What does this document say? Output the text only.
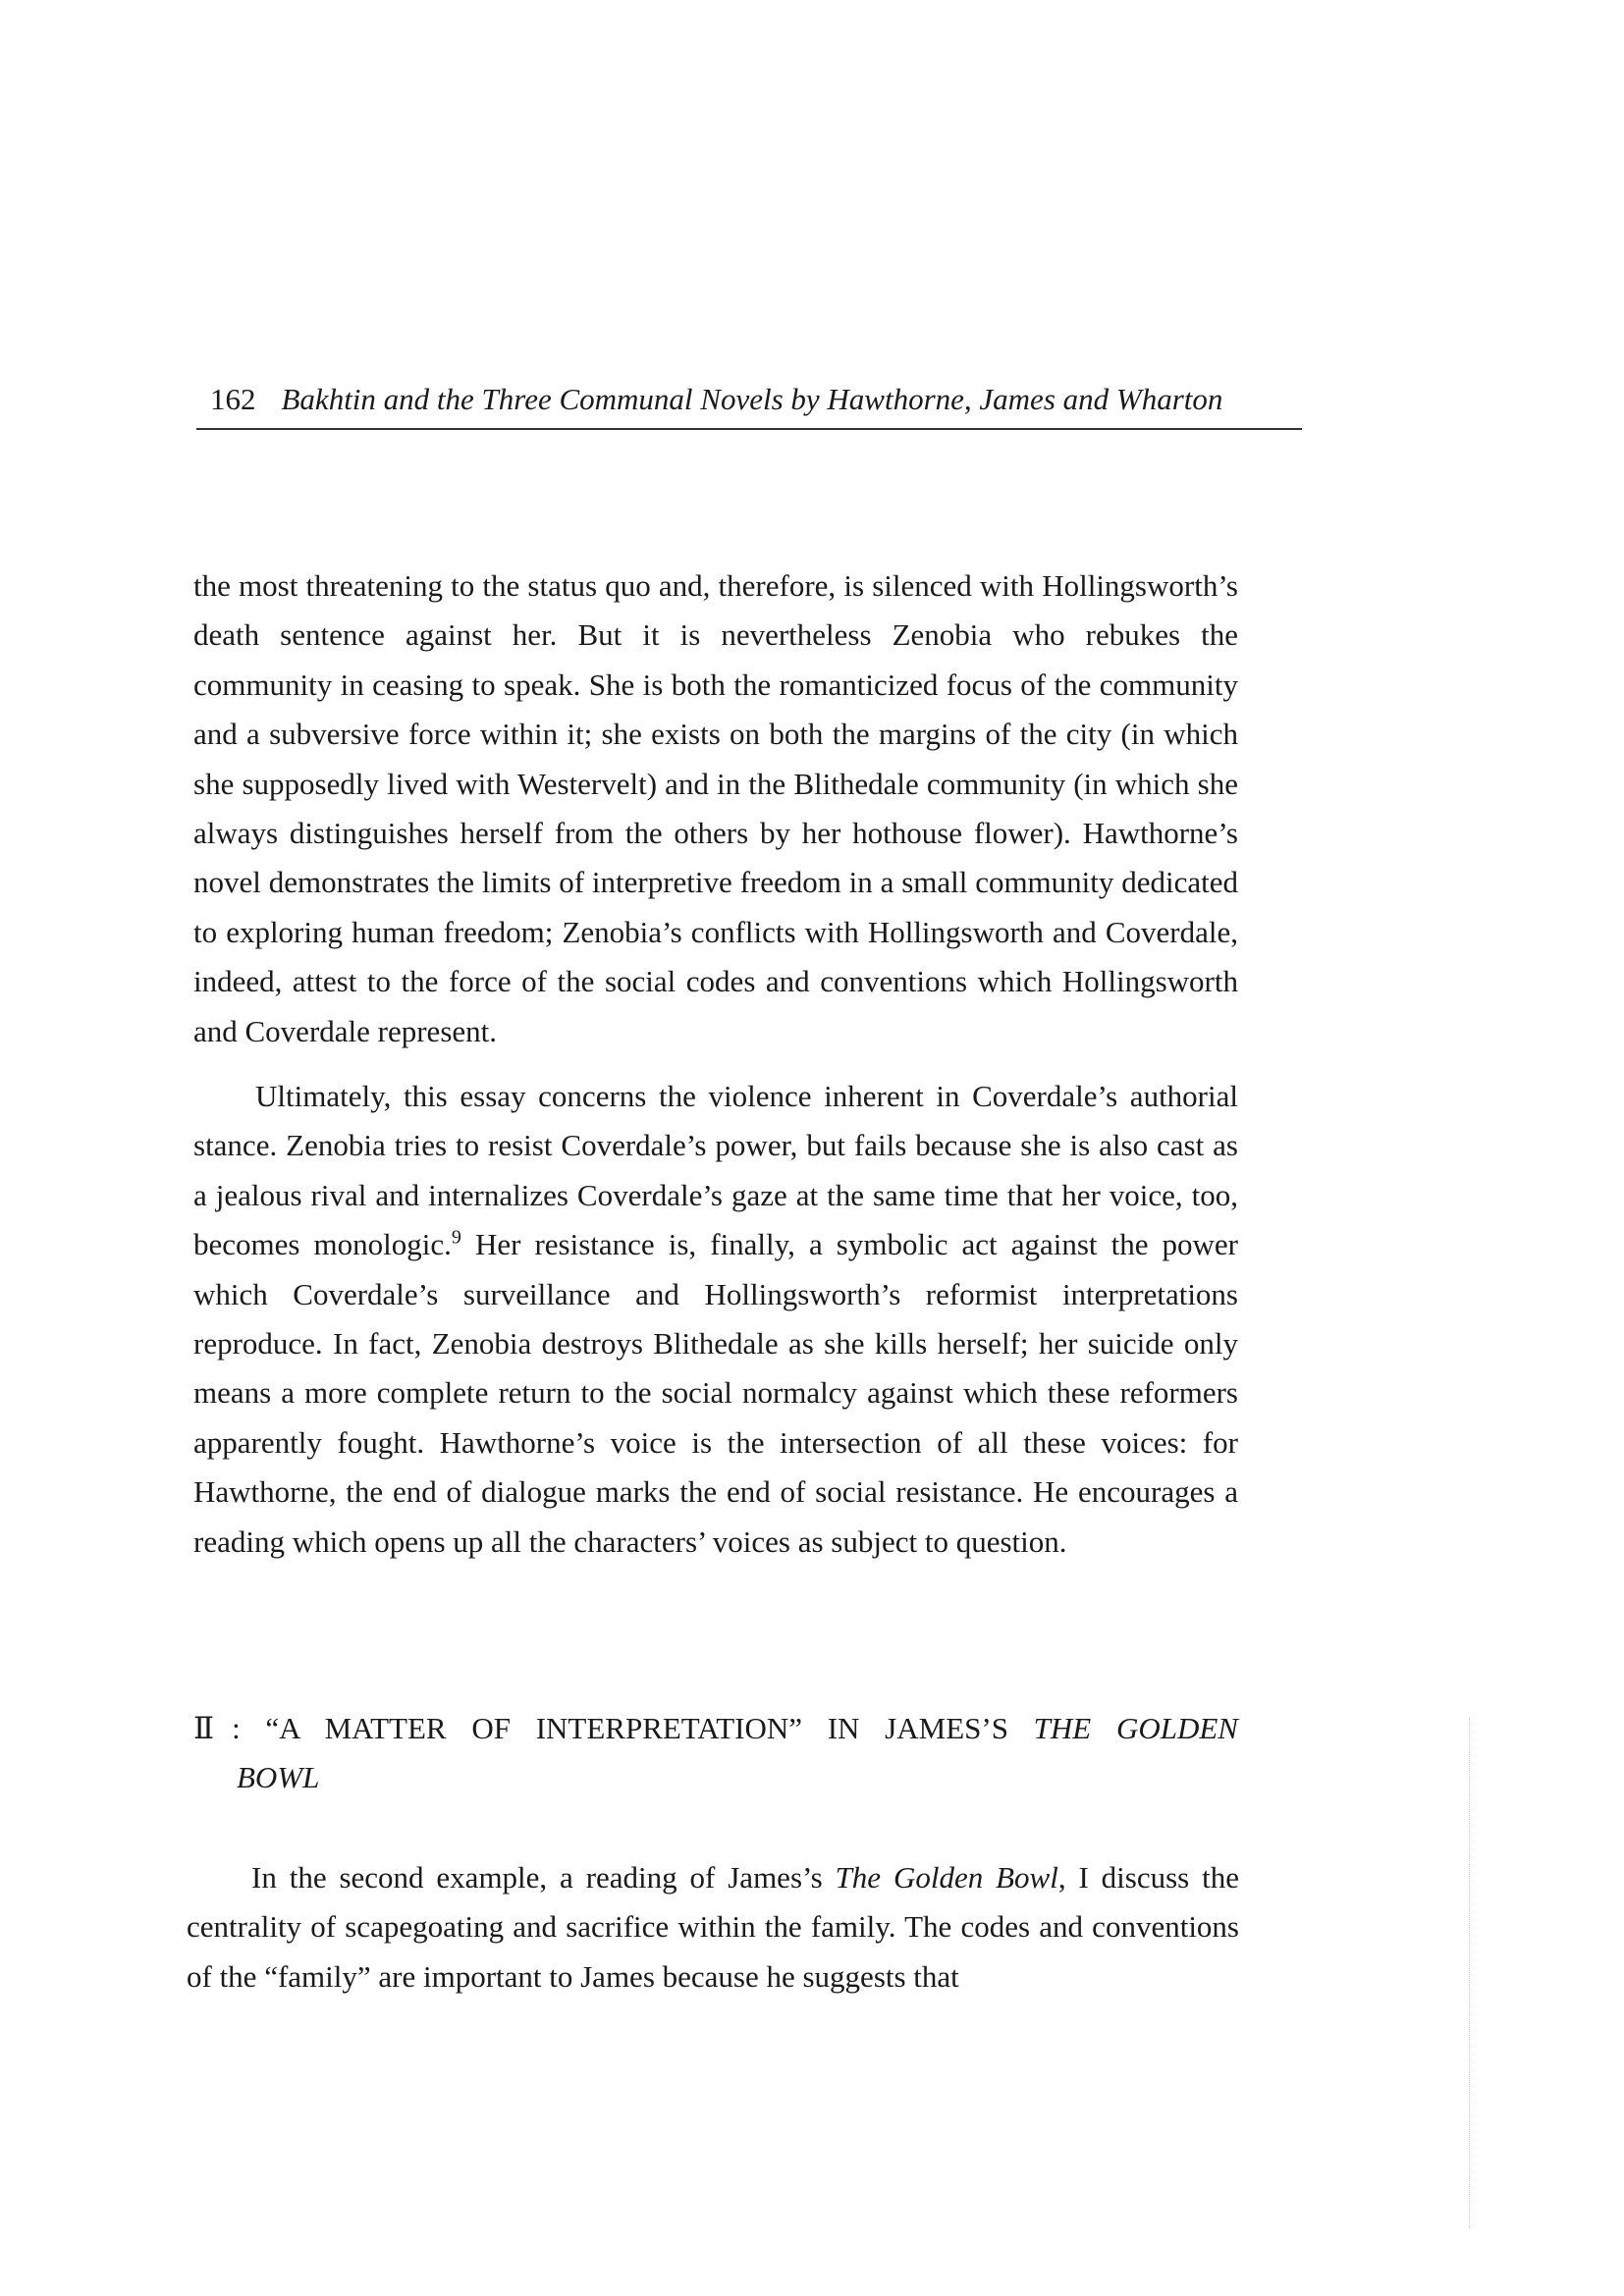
162 Bakhtin and the Three Communal Novels by Hawthorne, James and Wharton

the most threatening to the status quo and, therefore, is silenced with Hollingsworth’s death sentence against her. But it is nevertheless Zenobia who rebukes the community in ceasing to speak. She is both the romanticized focus of the community and a subversive force within it; she exists on both the margins of the city (in which she supposedly lived with Westervelt) and in the Blithedale community (in which she always distinguishes herself from the others by her hothouse flower). Hawthorne’s novel demonstrates the limits of interpretive freedom in a small community dedicated to exploring human freedom; Zenobia’s conflicts with Hollingsworth and Coverdale, indeed, attest to the force of the social codes and conventions which Hollingsworth and Coverdale represent.

Ultimately, this essay concerns the violence inherent in Coverdale’s authorial stance. Zenobia tries to resist Coverdale’s power, but fails because she is also cast as a jealous rival and internalizes Coverdale’s gaze at the same time that her voice, too, becomes monologic.$^9$ Her resistance is, finally, a symbolic act against the power which Coverdale’s surveillance and Hollingsworth’s reformist interpretations reproduce. In fact, Zenobia destroys Blithedale as she kills herself; her suicide only means a more complete return to the social normalcy against which these reformers apparently fought. Hawthorne’s voice is the intersection of all these voices: for Hawthorne, the end of dialogue marks the end of social resistance. He encourages a reading which opens up all the characters’ voices as subject to question.

Ⅱ: “A MATTER OF INTERPRETATION” IN JAMES’S THE GOLDEN
BOWL

In the second example, a reading of James’s The Golden Bowl, I discuss the centrality of scapegoating and sacrifice within the family. The codes and conventions of the “family” are important to James because he suggests that
